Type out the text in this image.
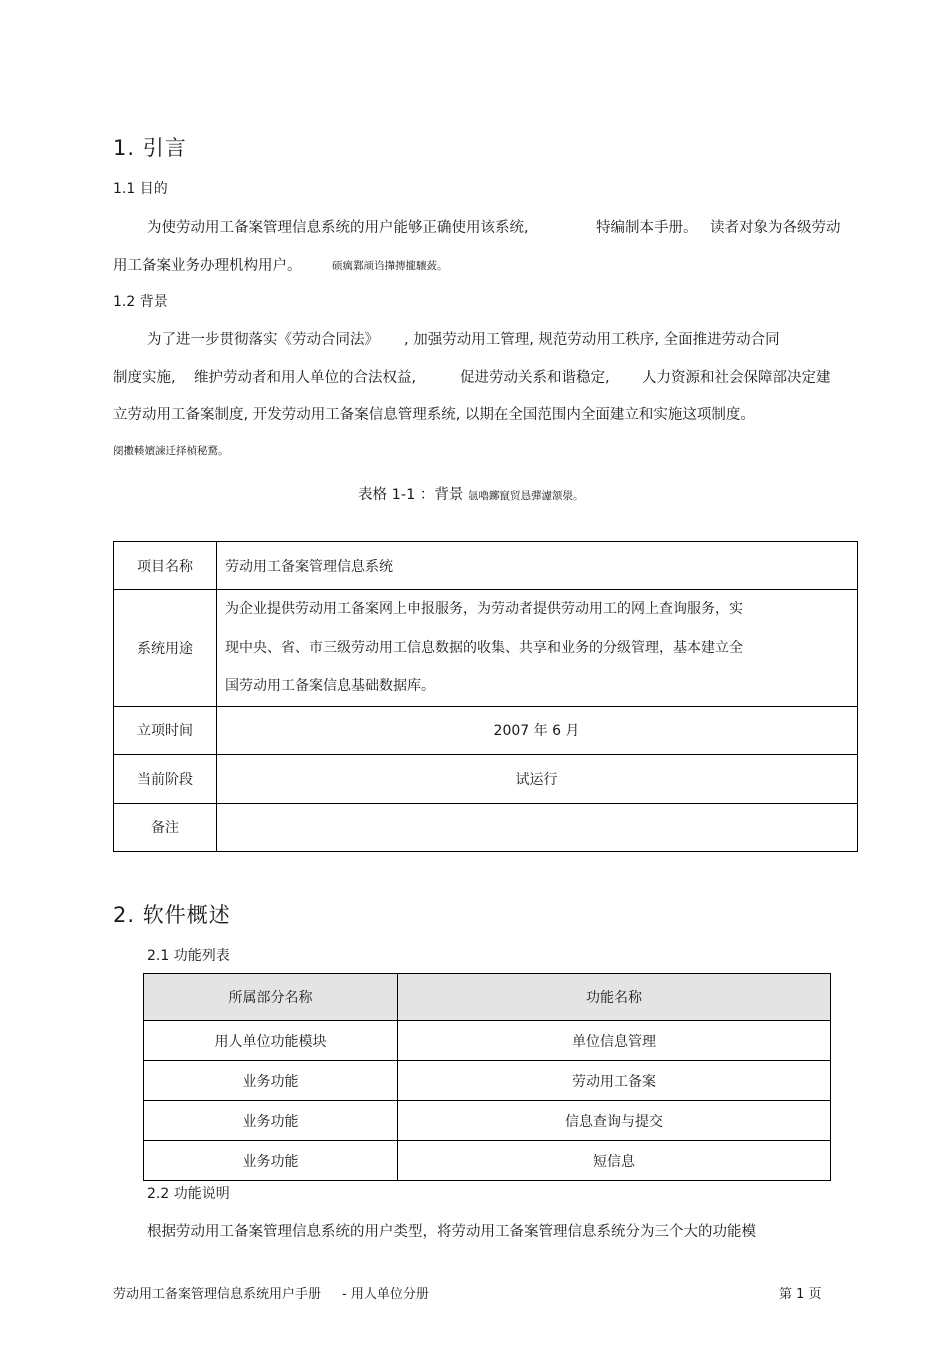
1. 引言
1.1 目的
为使劳动用工备案管理信息系统的用户能够正确使用该系统,	特编制本手册。 读者对象为各级劳动
用工备案业务办理机构用户。	硕癘鄴颃诌攆摶攏驤蔹。
1.2 背景
为了进一步贯彻落实《劳动合同法》 , 加强劳动用工管理, 规范劳动用工秩序, 全面推进劳动合同
制度实施, 维护劳动者和用人单位的合法权益,	促进劳动关系和谐稳定, 人力资源和社会保障部决定建
立劳动用工备案制度, 开发劳动用工备案信息管理系统, 以期在全国范围内全面建立和实施这项制度。
阌擻輳嬪諫迁择楨秘騖。
表格 1-1 ：背景 氬嚕躑竄贸恳彈濾颔澩。
项目名称	劳动用工备案管理信息系统
系统用途	为企业提供劳动用工备案网上申报服务，为劳动者提供劳动用工的网上查询服务，实
现中央、省、市三级劳动用工信息数据的收集、共享和业务的分级管理，基本建立全
国劳动用工备案信息基础数据库。

立项时间	2007 年 6 月
当前阶段	试运行
备注	
2. 软件概述
2.1 功能列表
所属部分名称	功能名称
用人单位功能模块	单位信息管理
业务功能	劳动用工备案
业务功能	信息查询与提交
业务功能	短信息
2.2 功能说明
根据劳动用工备案管理信息系统的用户类型，将劳动用工备案管理信息系统分为三个大的功能模
劳动用工备案管理信息系统用户手册 - 用人单位分册	第 1 页
